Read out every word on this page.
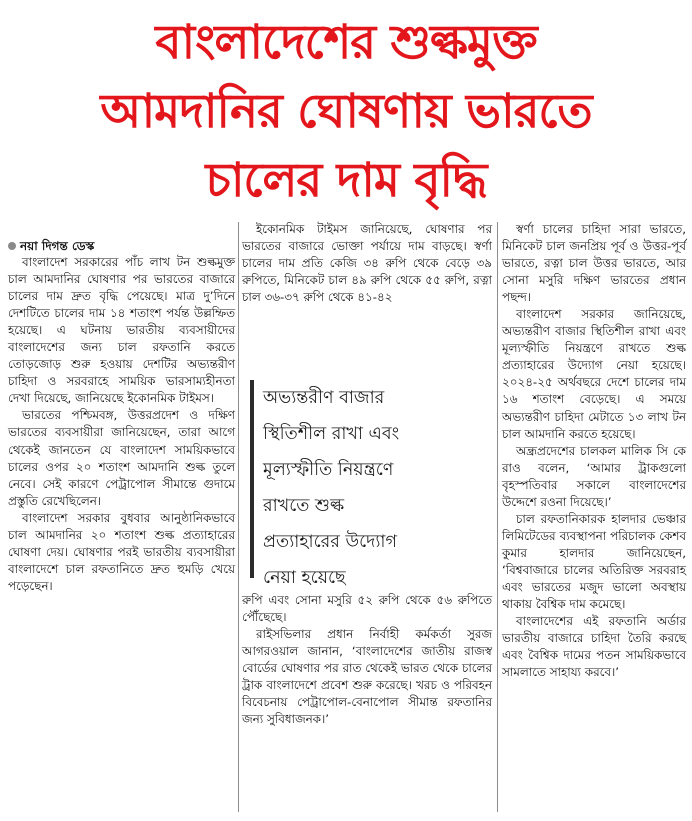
বাংলাদেশের শুল্কমুক্ত
আমদানির ঘোষণায় ভারতে
চালের দাম বৃদ্ধি

নয়া দিগন্ত ডেস্ক

বাংলাদেশ সরকারের পাঁচ লাখ টন শুল্কমুক্ত চাল আমদানির ঘোষণার পর ভারতের বাজারে চালের দাম দ্রুত বৃদ্ধি পেয়েছে। মাত্র দু’দিনে দেশটিতে চালের দাম ১৪ শতাংশ পর্যন্ত উল্লম্ফিত হয়েছে। এ ঘটনায় ভারতীয় ব্যবসায়ীদের বাংলাদেশের জন্য চাল রফতানি করতে তোড়জোড় শুরু হওয়ায় দেশটির অভ্যন্তরীণ চাহিদা ও সরবরাহে সাময়িক ভারসাম্যহীনতা দেখা দিয়েছে, জানিয়েছে ইকোনমিক টাইমস।

ভারতের পশ্চিমবঙ্গ, উত্তরপ্রদেশ ও দক্ষিণ ভারতের ব্যবসায়ীরা জানিয়েছেন, তারা আগে থেকেই জানতেন যে বাংলাদেশ সাময়িকভাবে চালের ওপর ২০ শতাংশ আমদানি শুল্ক তুলে নেবে। সেই কারণে পেট্রাপোল সীমান্তে গুদামে প্রস্তুতি রেখেছিলেন।

বাংলাদেশ সরকার বুধবার আনুষ্ঠানিকভাবে চাল আমদানির ২০ শতাংশ শুল্ক প্রত্যাহারের ঘোষণা দেয়। ঘোষণার পরই ভারতীয় ব্যবসায়ীরা বাংলাদেশে চাল রফতানিতে দ্রুত হুমড়ি খেয়ে পড়েছেন।

ইকোনমিক টাইমস জানিয়েছে, ঘোষণার পর ভারতের বাজারে ভোক্তা পর্যায়ে দাম বাড়ছে। স্বর্ণা চালের দাম প্রতি কেজি ৩৪ রুপি থেকে বেড়ে ৩৯ রুপিতে, মিনিকেট চাল ৪৯ রুপি থেকে ৫৫ রুপি, রত্না চাল ৩৬-৩৭ রুপি থেকে ৪১-৪২

অভ্যন্তরীণ বাজার
স্থিতিশীল রাখা এবং
মূল্যস্ফীতি নিয়ন্ত্রণে
রাখতে শুল্ক
প্রত্যাহারের উদ্যোগ
নেয়া হয়েছে

রুপি এবং সোনা মসুরি ৫২ রুপি থেকে ৫৬ রুপিতে পৌঁছেছে।

রাইসভিলার প্রধান নির্বাহী কর্মকর্তা সুরজ আগরওয়াল জানান, ‘বাংলাদেশের জাতীয় রাজস্ব বোর্ডের ঘোষণার পর রাত থেকেই ভারত থেকে চালের ট্রাক বাংলাদেশে প্রবেশ শুরু করেছে। খরচ ও পরিবহন বিবেচনায় পেট্রাপোল-বেনাপোল সীমান্ত রফতানির জন্য সুবিধাজনক।’

স্বর্ণা চালের চাহিদা সারা ভারতে, মিনিকেট চাল জনপ্রিয় পূর্ব ও উত্তর-পূর্ব ভারতে, রত্না চাল উত্তর ভারতে, আর সোনা মসুরি দক্ষিণ ভারতের প্রধান পছন্দ।

বাংলাদেশ সরকার জানিয়েছে, অভ্যন্তরীণ বাজার স্থিতিশীল রাখা এবং মূল্যস্ফীতি নিয়ন্ত্রণে রাখতে শুল্ক প্রত্যাহারের উদ্যোগ নেয়া হয়েছে। ২০২৪-২৫ অর্থবছরে দেশে চালের দাম ১৬ শতাংশ বেড়েছে। এ সময়ে অভ্যন্তরীণ চাহিদা মেটাতে ১৩ লাখ টন চাল আমদানি করতে হয়েছে।

অন্ধ্রপ্রদেশের চালকল মালিক সি কে রাও বলেন, ‘আমার ট্রাকগুলো বৃহস্পতিবার সকালে বাংলাদেশের উদ্দেশে রওনা দিয়েছে।’

চাল রফতানিকারক হালদার ভেঞ্চার লিমিটেডের ব্যবস্থাপনা পরিচালক কেশব কুমার হালদার জানিয়েছেন, ‘বিশ্ববাজারে চালের অতিরিক্ত সরবরাহ এবং ভারতের মজুদ ভালো অবস্থায় থাকায় বৈশ্বিক দাম কমেছে।

বাংলাদেশের এই রফতানি অর্ডার ভারতীয় বাজারে চাহিদা তৈরি করছে এবং বৈশ্বিক দামের পতন সাময়িকভাবে সামলাতে সাহায্য করবে।’
